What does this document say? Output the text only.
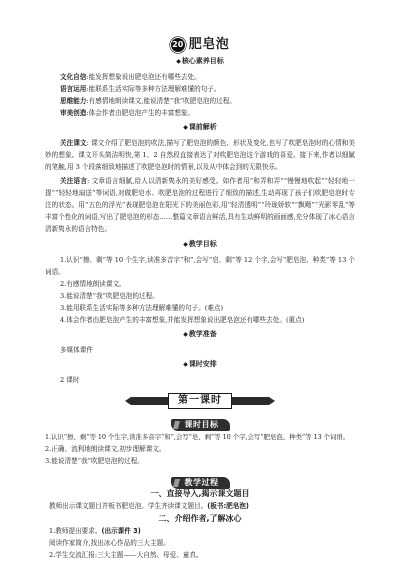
20 肥皂泡
◆ 核心素养目标
文化自信:能发挥想象说出肥皂泡还有哪些去处。
语言运用:能联系生活实际等多种方法理解难懂的句子。
思维能力:有感情地朗读课文,能说清楚“我”吹肥皂泡的过程。
审美创造:体会作者由肥皂泡产生的丰富想象。
◆ 课前解析
关注课文: 课文介绍了肥皂泡的吹法,描写了肥皂泡的颜色、形状及变化,也写了吹肥皂泡时的心情和美妙的想象。课文开头简洁明快,第 1、2 自然段直接表达了对吹肥皂泡这个游戏的喜爱。接下来,作者以细腻的笔触,用 3 个段落细致地描述了吹肥皂泡时的情景,以及从中体会到的无限快乐。
关注语言: 文章语言细腻,给人以清新隽永的美好感受。如作者用“和弄和弄”“慢慢地吹起”“轻轻地一提”“轻轻地扇送”等词语,对做肥皂水、吹肥皂泡的过程进行了细致的描述,生动再现了孩子们吹肥皂泡时专注的状态。用“五色的浮光”表现肥皂泡在阳光下的美丽色彩,用“轻清透明”“玲珑娇软”“飘飏”“光影零乱”等丰富个性化的词语,写出了肥皂泡的形态……整篇文章语言鲜活,具有生动鲜明的画面感,充分体现了冰心语言清新隽永的语言特色。
◆ 教学目标
1.认识“擦、剩”等 10 个生字,读准多音字“和”,会写“皂、剩”等 12 个字,会写“肥皂泡、种类”等 13 个词语。
2.有感情地朗读课文。
3.能说清楚“我”吹肥皂泡的过程。
3.能用联系生活实际等多种方法理解难懂的句子。(难点)
4.体会作者由肥皂泡产生的丰富想象,并能发挥想象说出肥皂泡还有哪些去处。(重点)
◆ 教学准备
多媒体课件
◆ 课时安排
2 课时
第一课时
课时目标
1.认识“擦、剩”等 10 个生字,读准多音字“和”,会写“皂、剩”等 10 个字,会写“肥皂泡、种类”等 13 个词语。
2.正确、流利地朗读课文,初步理解课文。
3.能说清楚“我”吹肥皂泡的过程。
教学过程
一、直接导入,揭示课文题目
教师出示课文题目并板书肥皂泡。学生齐读课文题目。(板书:肥皂泡)
二、介绍作者,了解冰心
1.教师提出要求。(出示课件 3)
阅读作家简介,找出冰心作品的三大主题。
2.学生交流汇报:三大主题——大自然、母爱、童真。
